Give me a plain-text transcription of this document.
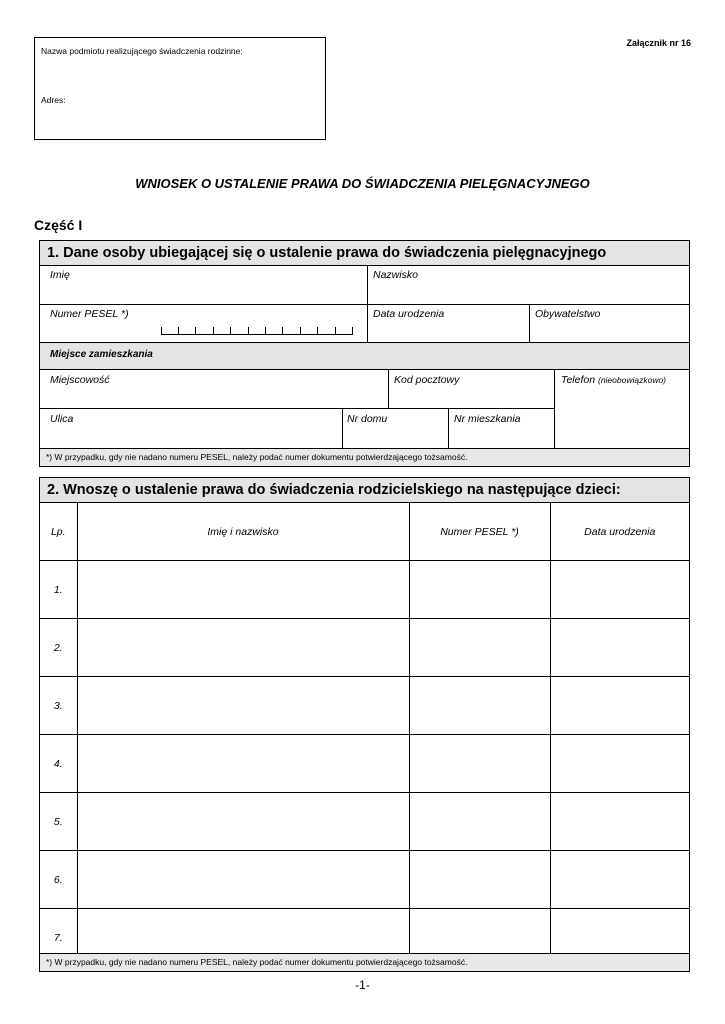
Nazwa podmiotu realizującego świadczenia rodzinne:
Adres:
Załącznik nr 16
WNIOSEK O USTALENIE PRAWA DO ŚWIADCZENIA PIELĘGNACYJNEGO
Część I
1. Dane osoby ubiegającej się o ustalenie prawa do świadczenia pielęgnacyjnego
Imię	Nazwisko
Numer PESEL *)	Data urodzenia	Obywatelstwo
Miejsce zamieszkania
Miejscowość	Kod pocztowy	Telefon (nieobowiązkowo)
Ulica	Nr domu	Nr mieszkania
*) W przypadku, gdy nie nadano numeru PESEL, należy podać numer dokumentu potwierdzającego tożsamość.
2. Wnoszę o ustalenie prawa do świadczenia rodzicielskiego na następujące dzieci:
Lp.	Imię i nazwisko	Numer PESEL *)	Data urodzenia
1.			
2.			
3.			
4.			
5.			
6.			
7.			
*) W przypadku, gdy nie nadano numeru PESEL, należy podać numer dokumentu potwierdzającego tożsamość.
-1-
